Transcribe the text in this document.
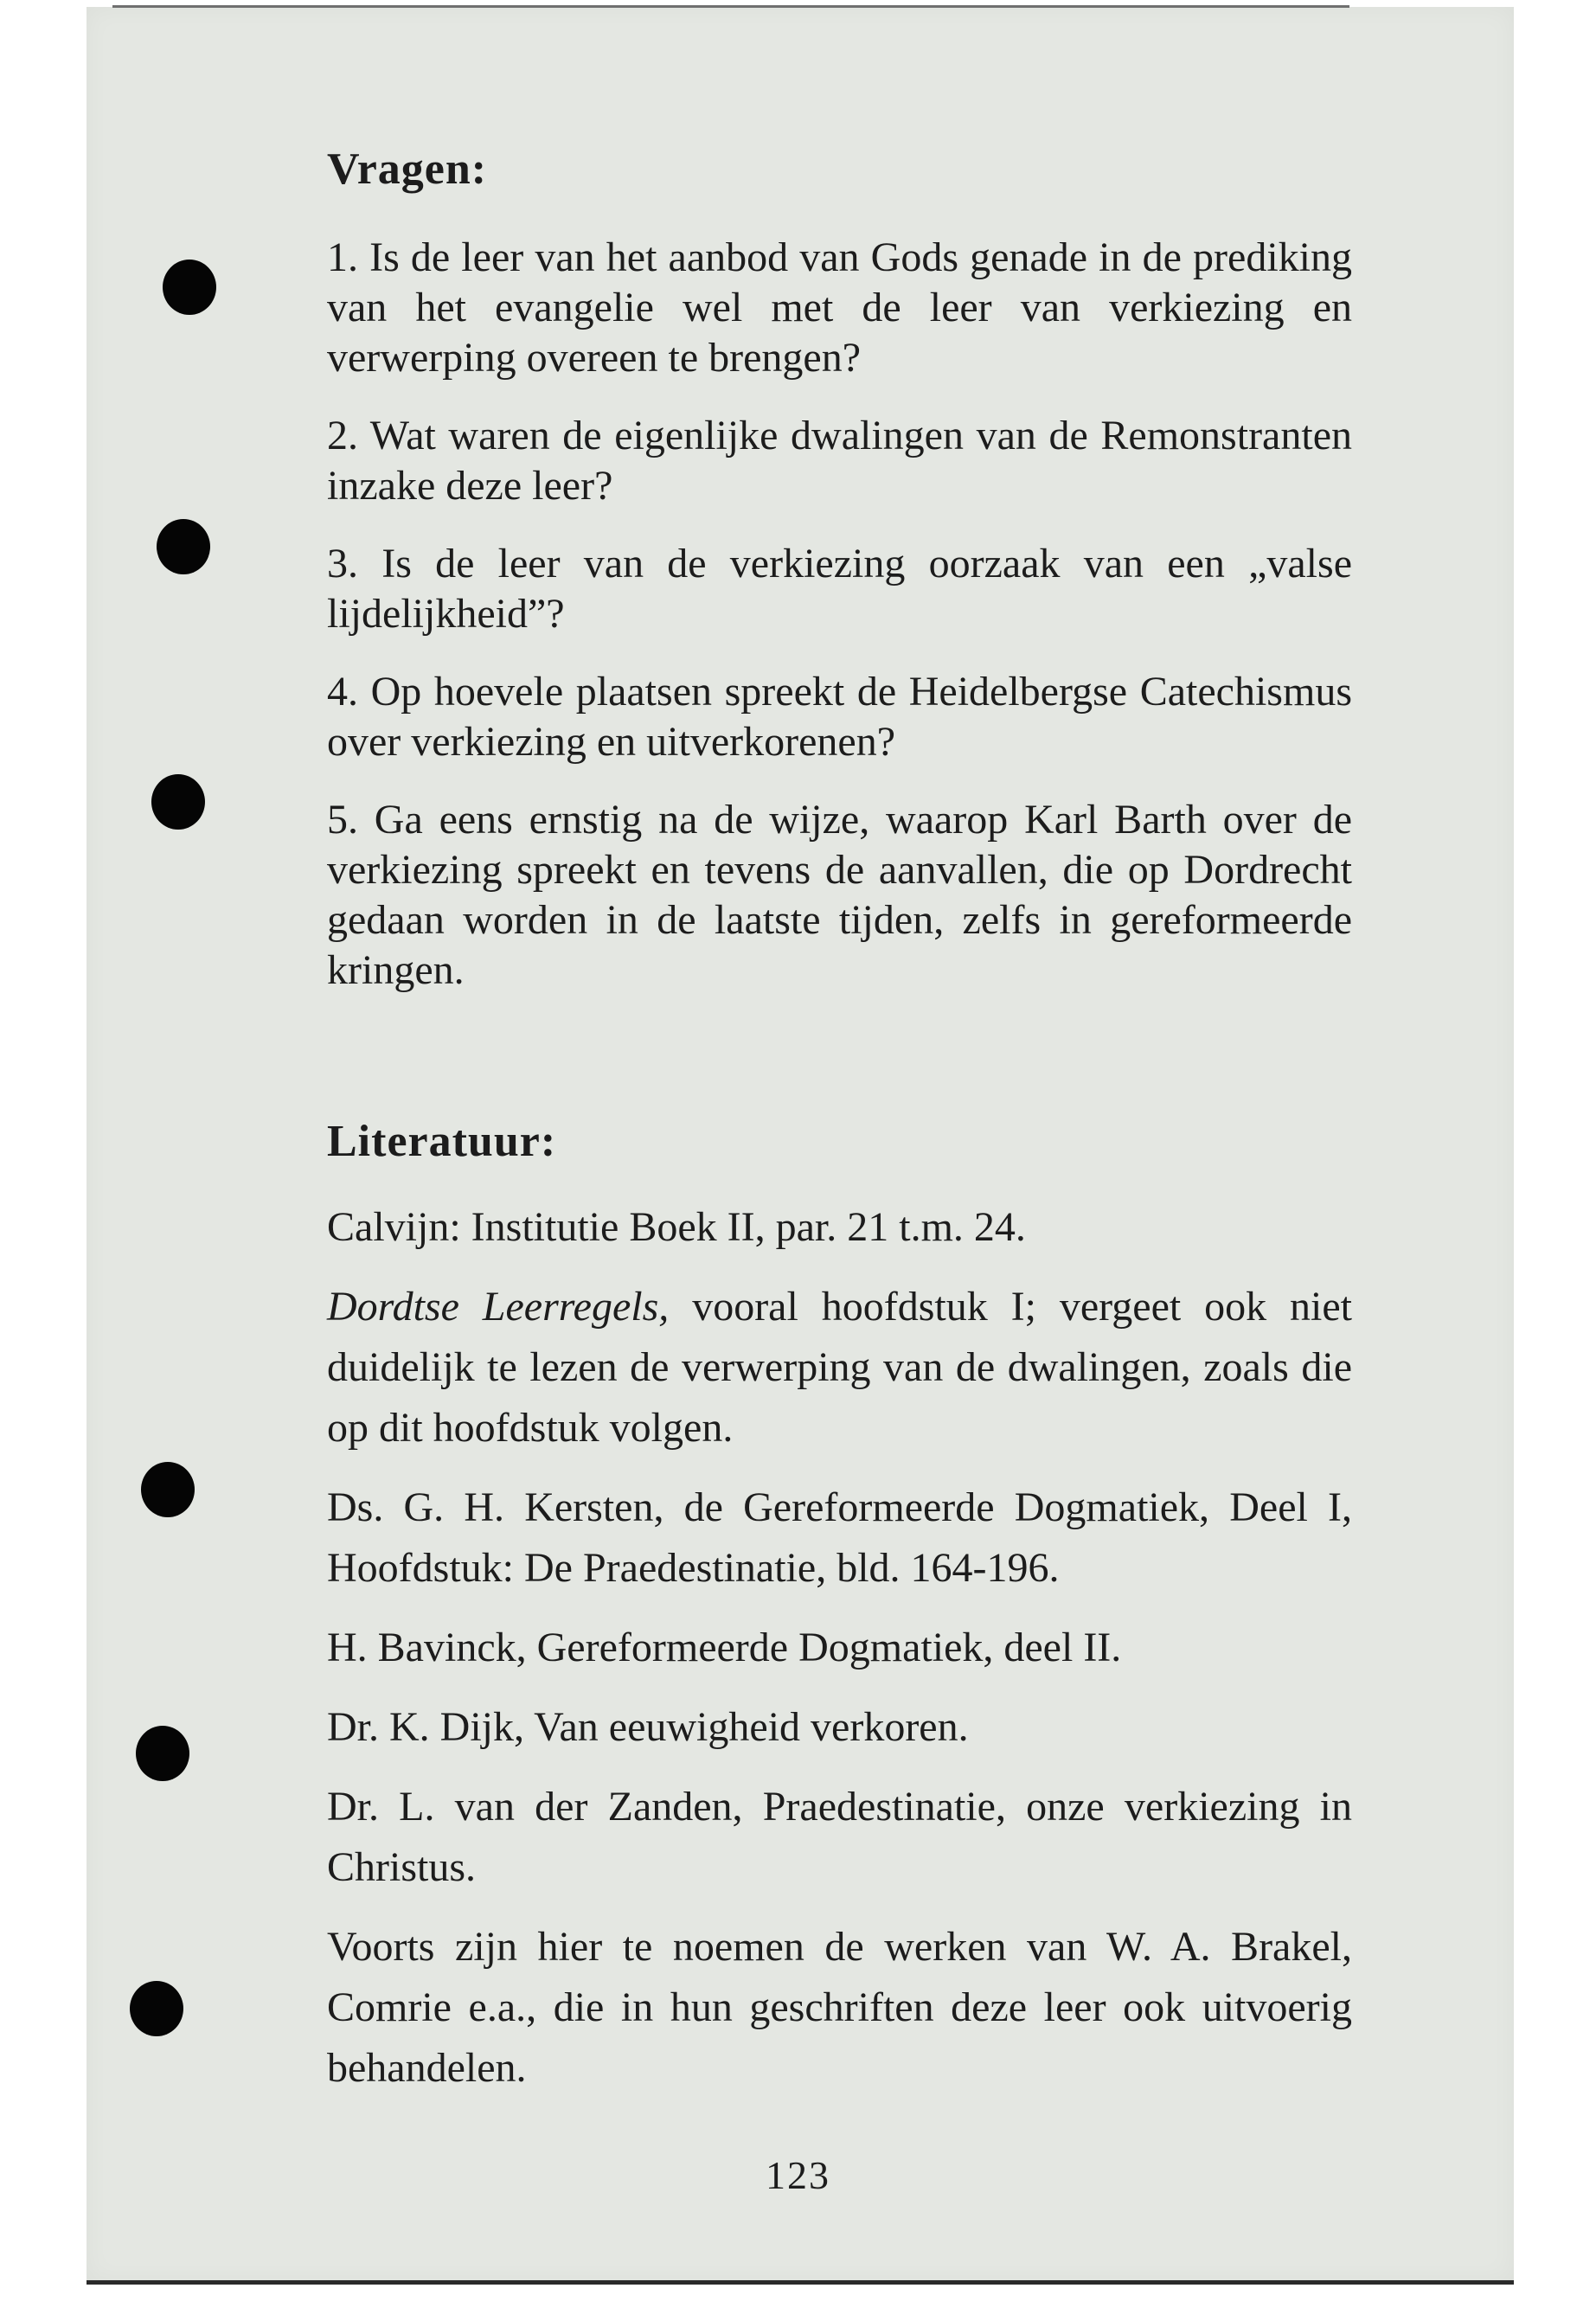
Vragen:

1. Is de leer van het aanbod van Gods genade in de prediking van het evangelie wel met de leer van verkiezing en verwerping overeen te brengen?

2. Wat waren de eigenlijke dwalingen van de Remonstranten inzake deze leer?

3. Is de leer van de verkiezing oorzaak van een „valse lijdelijkheid”?

4. Op hoevele plaatsen spreekt de Heidelbergse Catechismus over verkiezing en uitverkorenen?

5. Ga eens ernstig na de wijze, waarop Karl Barth over de verkiezing spreekt en tevens de aanvallen, die op Dordrecht gedaan worden in de laatste tijden, zelfs in gereformeerde kringen.

Literatuur:

Calvijn: Institutie Boek II, par. 21 t.m. 24.

Dordtse Leerregels, vooral hoofdstuk I; vergeet ook niet duidelijk te lezen de verwerping van de dwalingen, zoals die op dit hoofdstuk volgen.

Ds. G. H. Kersten, de Gereformeerde Dogmatiek, Deel I, Hoofdstuk: De Praedestinatie, bld. 164-196.

H. Bavinck, Gereformeerde Dogmatiek, deel II.

Dr. K. Dijk, Van eeuwigheid verkoren.

Dr. L. van der Zanden, Praedestinatie, onze verkiezing in Christus.

Voorts zijn hier te noemen de werken van W. A. Brakel, Comrie e.a., die in hun geschriften deze leer ook uitvoerig behandelen.

123
